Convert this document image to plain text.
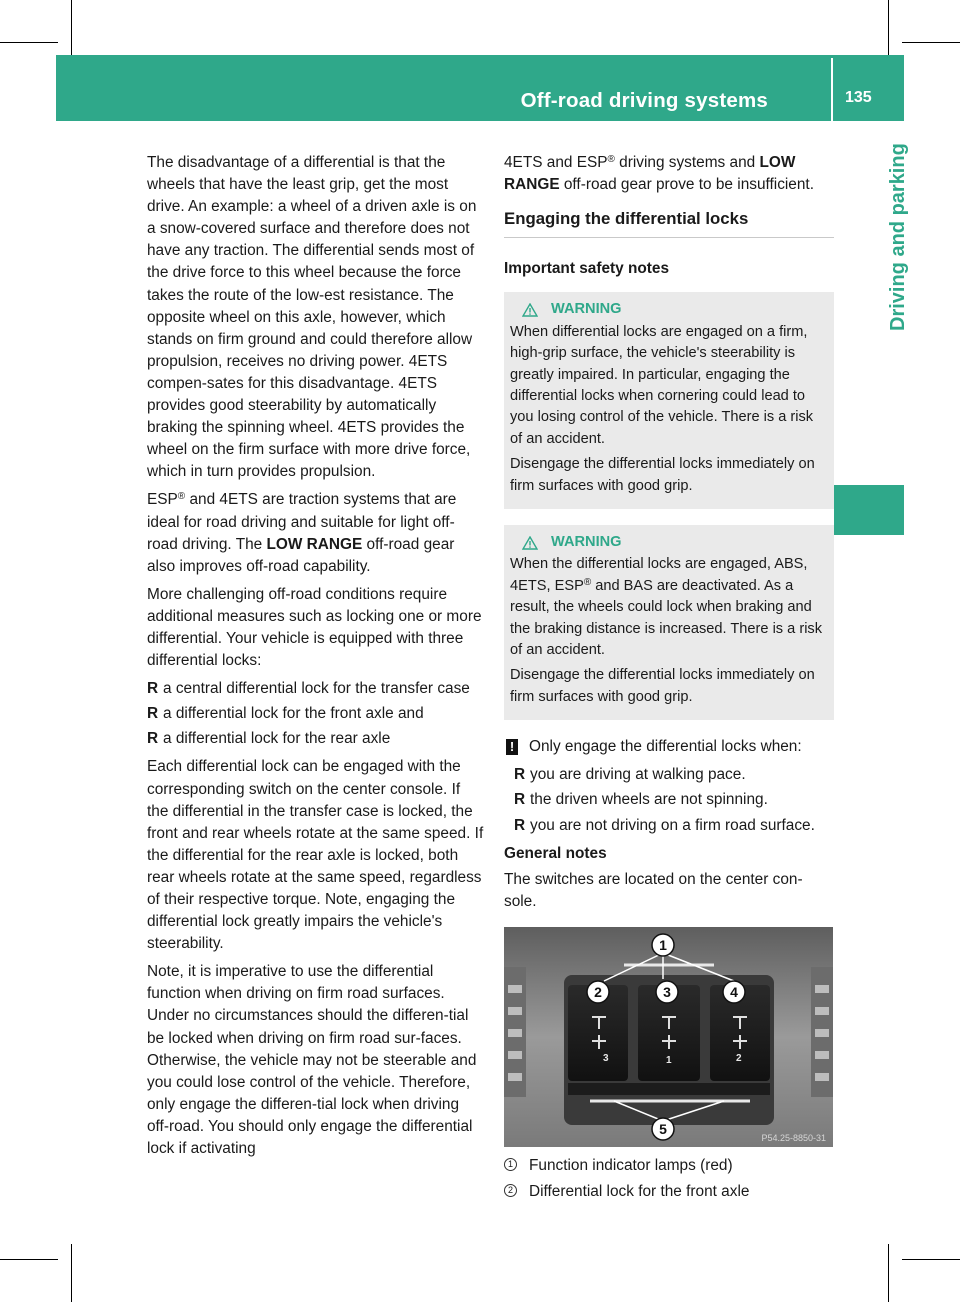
Off-road driving systems	135
Driving and parking

The disadvantage of a differential is that the wheels that have the least grip, get the most drive. An example: a wheel of a driven axle is on a snow-covered surface and therefore does not have any traction. The differential sends most of the drive force to this wheel because the force takes the route of the low-est resistance. The opposite wheel on this axle, however, which stands on firm ground and could therefore allow propulsion, receives no driving power. 4ETS compen-sates for this disadvantage. 4ETS provides good steerability by automatically braking the spinning wheel. 4ETS provides the wheel on the firm surface with more drive force, which in turn provides propulsion.

ESP® and 4ETS are traction systems that are ideal for road driving and suitable for light off-road driving. The LOW RANGE off-road gear also improves off-road capability.

More challenging off-road conditions require additional measures such as locking one or more differential. Your vehicle is equipped with three differential locks:

R a central differential lock for the transfer case
R a differential lock for the front axle and
R a differential lock for the rear axle

Each differential lock can be engaged with the corresponding switch on the center console. If the differential in the transfer case is locked, the front and rear wheels rotate at the same speed. If the differential for the rear axle is locked, both rear wheels rotate at the same speed, regardless of their respective torque. Note, engaging the differential lock greatly impairs the vehicle's steerability.

Note, it is imperative to use the differential function when driving on firm road surfaces. Under no circumstances should the differen-tial be locked when driving on firm road sur-faces. Otherwise, the vehicle may not be steerable and you could lose control of the vehicle. Therefore, only engage the differen-tial lock when driving off-road. You should only engage the differential lock if activating

4ETS and ESP® driving systems and LOW RANGE off-road gear prove to be insufficient.

Engaging the differential locks
Important safety notes
WARNING

When differential locks are engaged on a firm, high-grip surface, the vehicle's steerability is greatly impaired. In particular, engaging the differential locks when cornering could lead to you losing control of the vehicle. There is a risk of an accident.

Disengage the differential locks immediately on firm surfaces with good grip.

WARNING

When the differential locks are engaged, ABS, 4ETS, ESP® and BAS are deactivated. As a result, the wheels could lock when braking and the braking distance is increased. There is a risk of an accident.

Disengage the differential locks immediately on firm surfaces with good grip.

! Only engage the differential locks when:
R you are driving at walking pace.
R the driven wheels are not spinning.
R you are not driving on a firm road surface.
General notes

The switches are located on the center con-sole.

3	1	2
1
2	3	4
5
P54.25-8850-31
1 Function indicator lamps (red)
2 Differential lock for the front axle
